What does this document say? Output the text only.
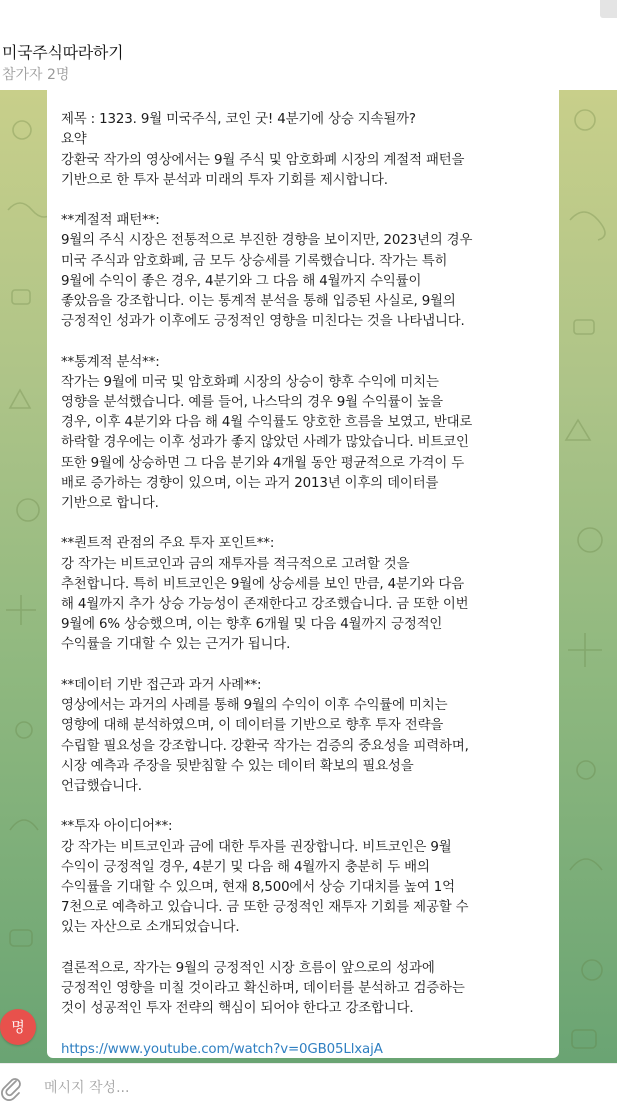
미국주식따라하기
참가자 2명

제목 : 1323. 9월 미국주식, 코인 굿! 4분기에 상승 지속될까?
요약
강환국 작가의 영상에서는 9월 주식 및 암호화폐 시장의 계절적 패턴을
기반으로 한 투자 분석과 미래의 투자 기회를 제시합니다.

**계절적 패턴**:
9월의 주식 시장은 전통적으로 부진한 경향을 보이지만, 2023년의 경우
미국 주식과 암호화폐, 금 모두 상승세를 기록했습니다. 작가는 특히
9월에 수익이 좋은 경우, 4분기와 그 다음 해 4월까지 수익률이
좋았음을 강조합니다. 이는 통계적 분석을 통해 입증된 사실로, 9월의
긍정적인 성과가 이후에도 긍정적인 영향을 미친다는 것을 나타냅니다.

**통계적 분석**:
작가는 9월에 미국 및 암호화폐 시장의 상승이 향후 수익에 미치는
영향을 분석했습니다. 예를 들어, 나스닥의 경우 9월 수익률이 높을
경우, 이후 4분기와 다음 해 4월 수익률도 양호한 흐름을 보였고, 반대로
하락할 경우에는 이후 성과가 좋지 않았던 사례가 많았습니다. 비트코인
또한 9월에 상승하면 그 다음 분기와 4개월 동안 평균적으로 가격이 두
배로 증가하는 경향이 있으며, 이는 과거 2013년 이후의 데이터를
기반으로 합니다.

**퀀트적 관점의 주요 투자 포인트**:
강 작가는 비트코인과 금의 재투자를 적극적으로 고려할 것을
추천합니다. 특히 비트코인은 9월에 상승세를 보인 만큼, 4분기와 다음
해 4월까지 추가 상승 가능성이 존재한다고 강조했습니다. 금 또한 이번
9월에 6% 상승했으며, 이는 향후 6개월 및 다음 4월까지 긍정적인
수익률을 기대할 수 있는 근거가 됩니다.

**데이터 기반 접근과 과거 사례**:
영상에서는 과거의 사례를 통해 9월의 수익이 이후 수익률에 미치는
영향에 대해 분석하였으며, 이 데이터를 기반으로 향후 투자 전략을
수립할 필요성을 강조합니다. 강환국 작가는 검증의 중요성을 피력하며,
시장 예측과 주장을 뒷받침할 수 있는 데이터 확보의 필요성을
언급했습니다.

**투자 아이디어**:
강 작가는 비트코인과 금에 대한 투자를 권장합니다. 비트코인은 9월
수익이 긍정적일 경우, 4분기 및 다음 해 4월까지 충분히 두 배의
수익률을 기대할 수 있으며, 현재 8,500에서 상승 기대치를 높여 1억
7천으로 예측하고 있습니다. 금 또한 긍정적인 재투자 기회를 제공할 수
있는 자산으로 소개되었습니다.

결론적으로, 작가는 9월의 긍정적인 시장 흐름이 앞으로의 성과에
긍정적인 영향을 미칠 것이라고 확신하며, 데이터를 분석하고 검증하는
것이 성공적인 투자 전략의 핵심이 되어야 한다고 강조합니다.

https://www.youtube.com/watch?v=0GB05LlxajA

명
메시지 작성...
